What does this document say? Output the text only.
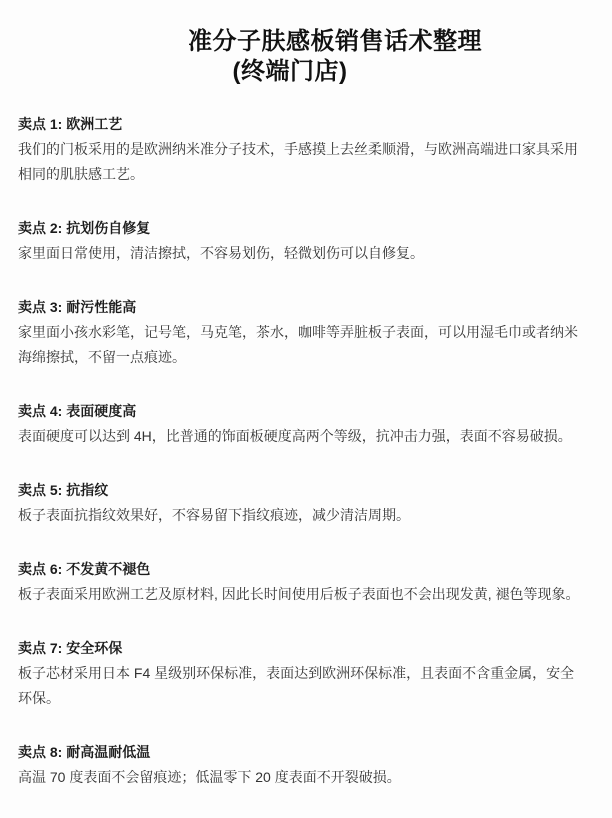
准分子肤感板销售话术整理
(终端门店)

卖点 1: 欧洲工艺

我们的门板采用的是欧洲纳米准分子技术，手感摸上去丝柔顺滑，与欧洲高端进口家具采用相同的肌肤感工艺。

卖点 2: 抗划伤自修复

家里面日常使用，清洁擦拭，不容易划伤，轻微划伤可以自修复。

卖点 3: 耐污性能高

家里面小孩水彩笔，记号笔，马克笔，茶水，咖啡等弄脏板子表面，可以用湿毛巾或者纳米海绵擦拭，不留一点痕迹。

卖点 4: 表面硬度高

表面硬度可以达到 4H，比普通的饰面板硬度高两个等级，抗冲击力强，表面不容易破损。

卖点 5: 抗指纹

板子表面抗指纹效果好，不容易留下指纹痕迹，减少清洁周期。

卖点 6: 不发黄不褪色

板子表面采用欧洲工艺及原材料, 因此长时间使用后板子表面也不会出现发黄, 褪色等现象。

卖点 7: 安全环保

板子芯材采用日本 F4 星级别环保标准，表面达到欧洲环保标准，且表面不含重金属，安全环保。

卖点 8: 耐高温耐低温

高温 70 度表面不会留痕迹；低温零下 20 度表面不开裂破损。
